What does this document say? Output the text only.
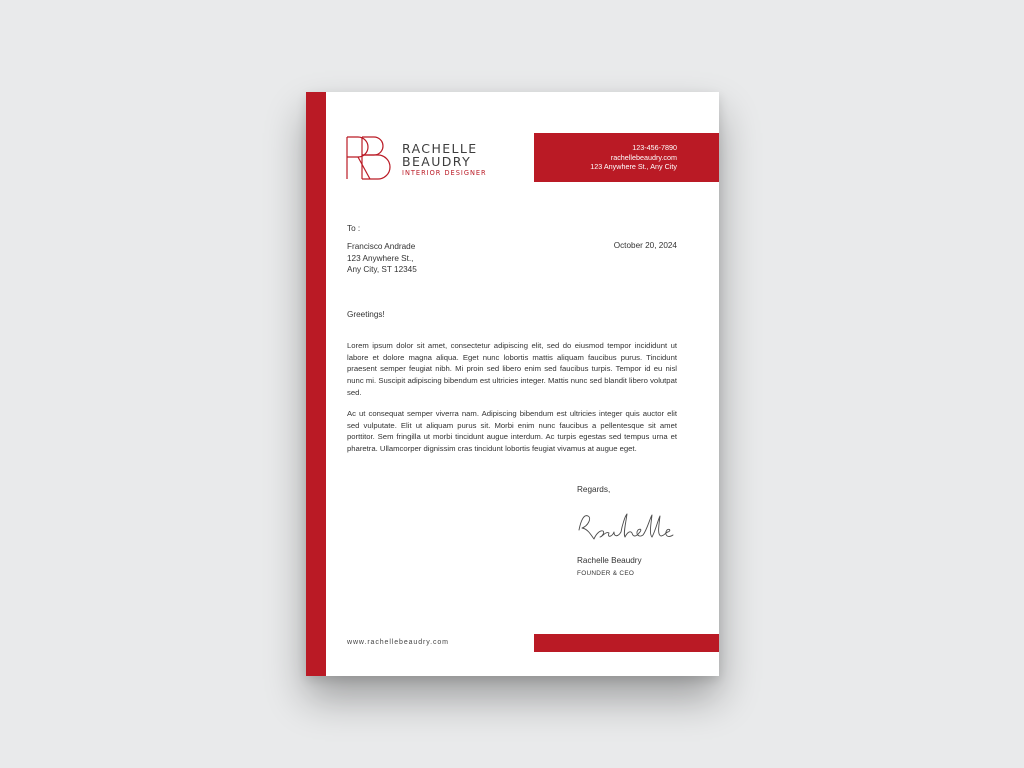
RACHELLE
BEAUDRY
INTERIOR DESIGNER
123-456-7890
rachellebeaudry.com
123 Anywhere St., Any City
To :
Francisco Andrade
123 Anywhere St.,
Any City, ST 12345
October 20, 2024
Greetings!

Lorem ipsum dolor sit amet, consectetur adipiscing elit, sed do eiusmod tempor incididunt ut labore et dolore magna aliqua. Eget nunc lobortis mattis aliquam faucibus purus. Tincidunt praesent semper feugiat nibh. Mi proin sed libero enim sed faucibus turpis. Tempor id eu nisl nunc mi. Suscipit adipiscing bibendum est ultricies integer. Mattis nunc sed blandit libero volutpat sed.

Ac ut consequat semper viverra nam. Adipiscing bibendum est ultricies integer quis auctor elit sed vulputate. Elit ut aliquam purus sit. Morbi enim nunc faucibus a pellentesque sit amet porttitor. Sem fringilla ut morbi tincidunt augue interdum. Ac turpis egestas sed tempus urna et pharetra. Ullamcorper dignissim cras tincidunt lobortis feugiat vivamus at augue eget.

Regards,
Rachelle Beaudry
FOUNDER & CEO
www.rachellebeaudry.com
